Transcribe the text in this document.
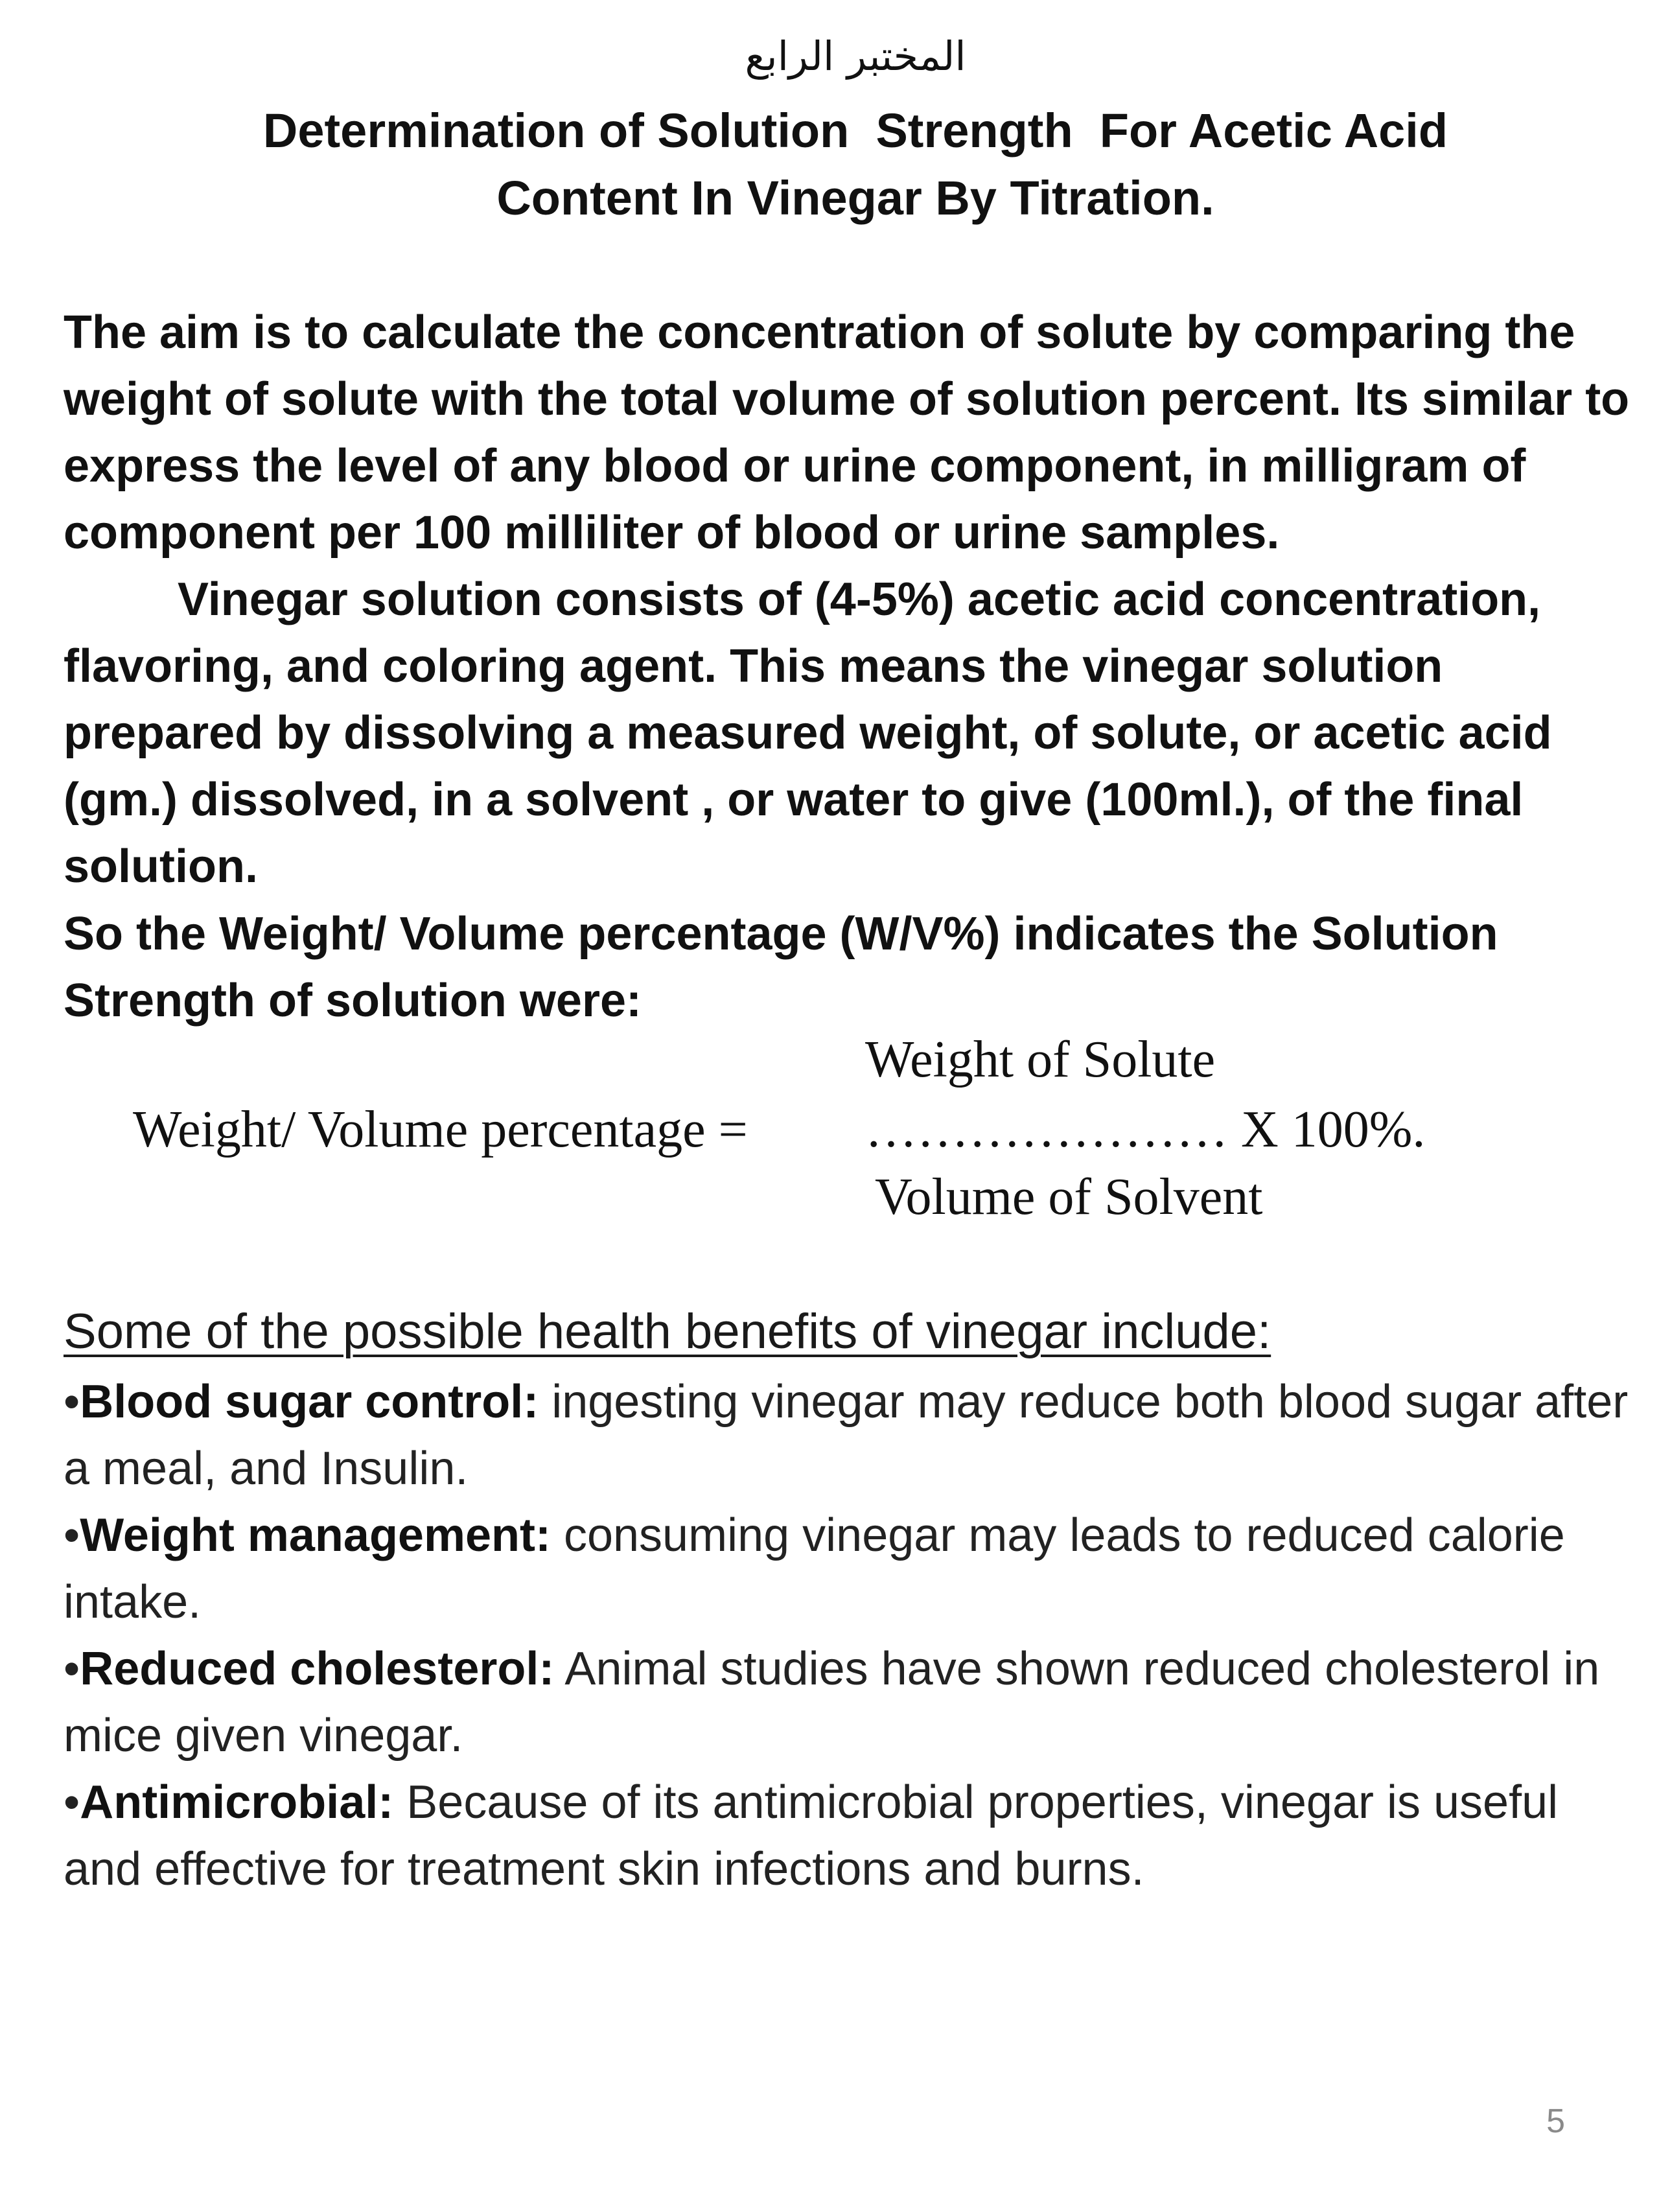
المختبر الرابع
Determination of Solution  Strength  For Acetic Acid
Content In Vinegar By Titration.
The aim is to calculate the concentration of solute by comparing the weight of solute with the total volume of solution percent. Its similar to express the level of any blood or urine component, in milligram of component per 100 milliliter of blood or urine samples.
Vinegar solution consists of (4-5%) acetic acid concentration, flavoring, and coloring agent. This means the vinegar solution prepared by dissolving a measured weight, of solute, or acetic acid (gm.) dissolved, in a solvent , or water to give (100ml.), of the final solution.
So the Weight/ Volume percentage (W/V%) indicates the Solution Strength of solution were:
Weight/ Volume percentage =
Weight of Solute
………………… X 100%.
Volume of Solvent
Some of the possible health benefits of vinegar include:

•Blood sugar control: ingesting vinegar may reduce both blood sugar after a meal, and Insulin.

•Weight management: consuming vinegar may leads to reduced calorie intake.

•Reduced cholesterol: Animal studies have shown reduced cholesterol in mice given vinegar.

•Antimicrobial: Because of its antimicrobial properties, vinegar is useful and effective for treatment skin infections and burns.

5
